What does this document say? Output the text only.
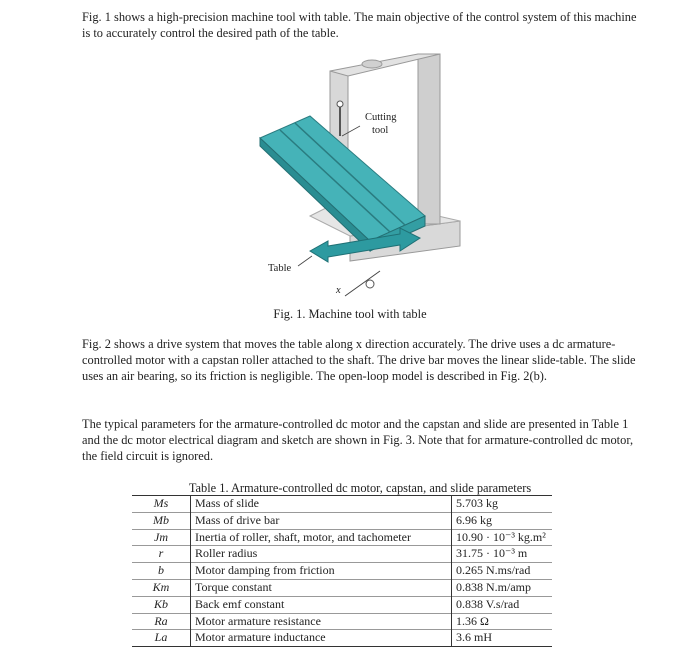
Fig. 1 shows a high-precision machine tool with table. The main objective of the control system of this machine is to accurately control the desired path of the table.

Cutting
tool
Table
x
Fig. 1. Machine tool with table

Fig. 2 shows a drive system that moves the table along x direction accurately. The drive uses a dc armature-controlled motor with a capstan roller attached to the shaft. The drive bar moves the linear slide-table. The slide uses an air bearing, so its friction is negligible. The open-loop model is described in Fig. 2(b).

The typical parameters for the armature-controlled dc motor and the capstan and slide are presented in Table 1 and the dc motor electrical diagram and sketch are shown in Fig. 3. Note that for armature-controlled dc motor, the field circuit is ignored.

Table 1. Armature-controlled dc motor, capstan, and slide parameters
Ms	Mass of slide	5.703 kg
Mb	Mass of drive bar	6.96 kg
Jm	Inertia of roller, shaft, motor, and tachometer	10.90 · 10⁻³ kg.m²
r	Roller radius	31.75 · 10⁻³ m
b	Motor damping from friction	0.265 N.ms/rad
Km	Torque constant	0.838 N.m/amp
Kb	Back emf constant	0.838 V.s/rad
Ra	Motor armature resistance	1.36 Ω
La	Motor armature inductance	3.6 mH
